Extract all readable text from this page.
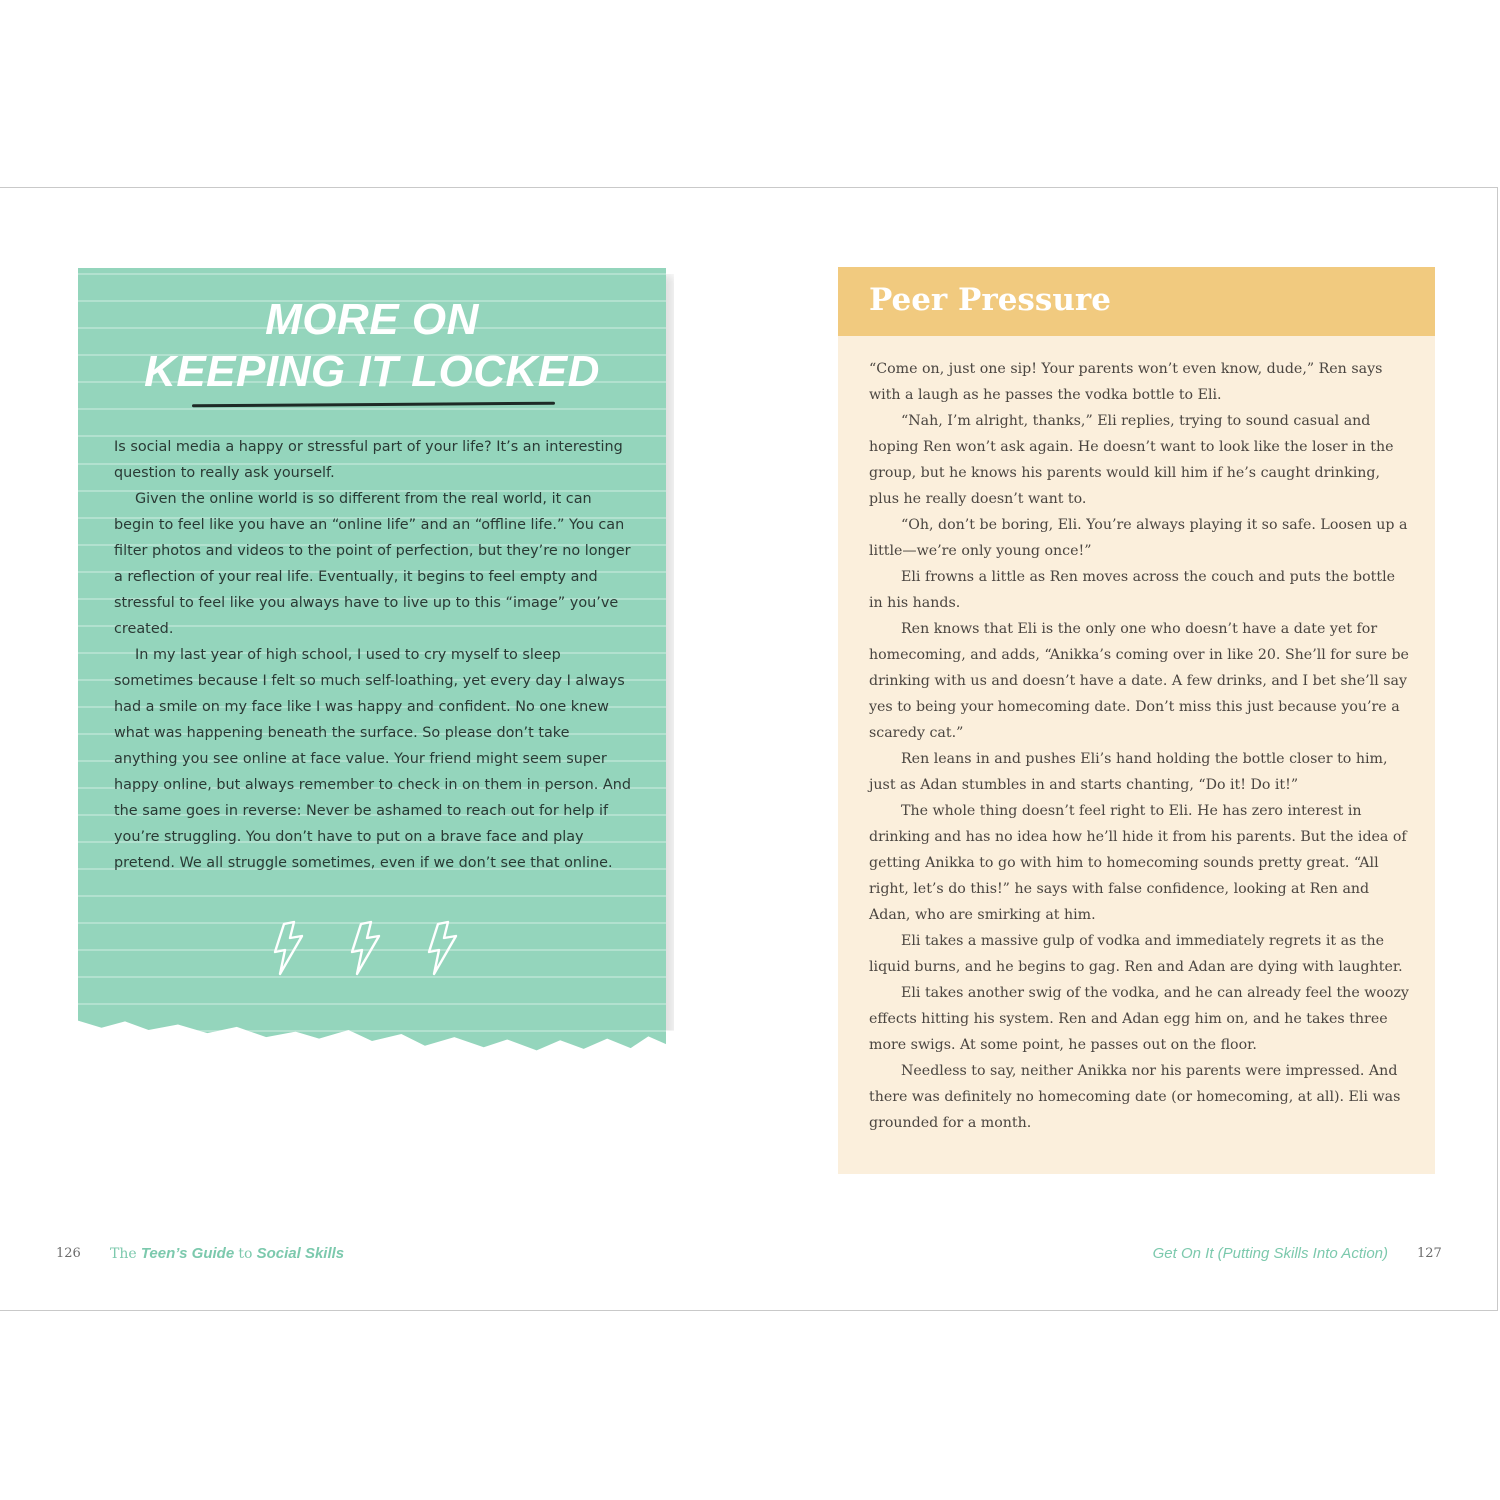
MORE ON
KEEPING IT LOCKED

Is social media a happy or stressful part of your life? It’s an interesting question to really ask yourself.

Given the online world is so different from the real world, it can begin to feel like you have an “online life” and an “offline life.” You can filter photos and videos to the point of perfection, but they’re no longer a reflection of your real life. Eventually, it begins to feel empty and stressful to feel like you always have to live up to this “image” you’ve created.

In my last year of high school, I used to cry myself to sleep sometimes because I felt so much self-loathing, yet every day I always had a smile on my face like I was happy and confident. No one knew what was happening beneath the surface. So please don’t take anything you see online at face value. Your friend might seem super happy online, but always remember to check in on them in person. And the same goes in reverse: Never be ashamed to reach out for help if you’re struggling. You don’t have to put on a brave face and play pretend. We all struggle sometimes, even if we don’t see that online.

Peer Pressure

“Come on, just one sip! Your parents won’t even know, dude,” Ren says with a laugh as he passes the vodka bottle to Eli.

“Nah, I’m alright, thanks,” Eli replies, trying to sound casual and hoping Ren won’t ask again. He doesn’t want to look like the loser in the group, but he knows his parents would kill him if he’s caught drinking, plus he really doesn’t want to.

“Oh, don’t be boring, Eli. You’re always playing it so safe. Loosen up a little—we’re only young once!”

Eli frowns a little as Ren moves across the couch and puts the bottle in his hands.

Ren knows that Eli is the only one who doesn’t have a date yet for homecoming, and adds, “Anikka’s coming over in like 20. She’ll for sure be drinking with us and doesn’t have a date. A few drinks, and I bet she’ll say yes to being your homecoming date. Don’t miss this just because you’re a scaredy cat.”

Ren leans in and pushes Eli’s hand holding the bottle closer to him, just as Adan stumbles in and starts chanting, “Do it! Do it!”

The whole thing doesn’t feel right to Eli. He has zero interest in drinking and has no idea how he’ll hide it from his parents. But the idea of getting Anikka to go with him to homecoming sounds pretty great. “All right, let’s do this!” he says with false confidence, looking at Ren and Adan, who are smirking at him.

Eli takes a massive gulp of vodka and immediately regrets it as the liquid burns, and he begins to gag. Ren and Adan are dying with laughter.

Eli takes another swig of the vodka, and he can already feel the woozy effects hitting his system. Ren and Adan egg him on, and he takes three more swigs. At some point, he passes out on the floor.

Needless to say, neither Anikka nor his parents were impressed. And there was definitely no homecoming date (or homecoming, at all). Eli was grounded for a month.

126 The Teen’s Guide to Social Skills	Get On It (Putting Skills Into Action) 127
